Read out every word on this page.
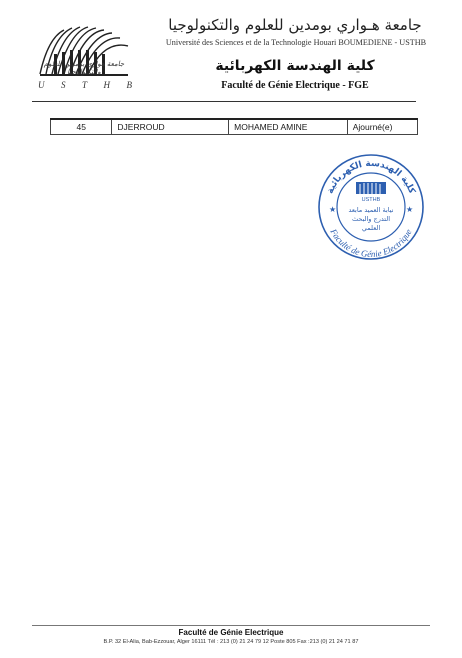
جامعة هواري بومدين للعلوم والتكنولوجيا
U S T H B
جامعة هـواري بومدين للعلوم والتكنولوجيا
Université des Sciences et de la Technologie Houari BOUMEDIENE - USTHB
كلية الهندسة الكهربائية
Faculté de Génie Electrique - FGE
45	DJERROUD	MOHAMED AMINE	Ajourné(e)
كلية الهندسة الكهربائية
Faculté de Génie Electrique
★	★
USTHB
نيابة العميد مابعد
التدرج والبحث
العلمي
Faculté de Génie Electrique
B.P. 32 El-Alia, Bab-Ezzouar, Alger 16111 Tél : 213 (0) 21 24 79 12 Poste 805 Fax :213 (0) 21 24 71 87
